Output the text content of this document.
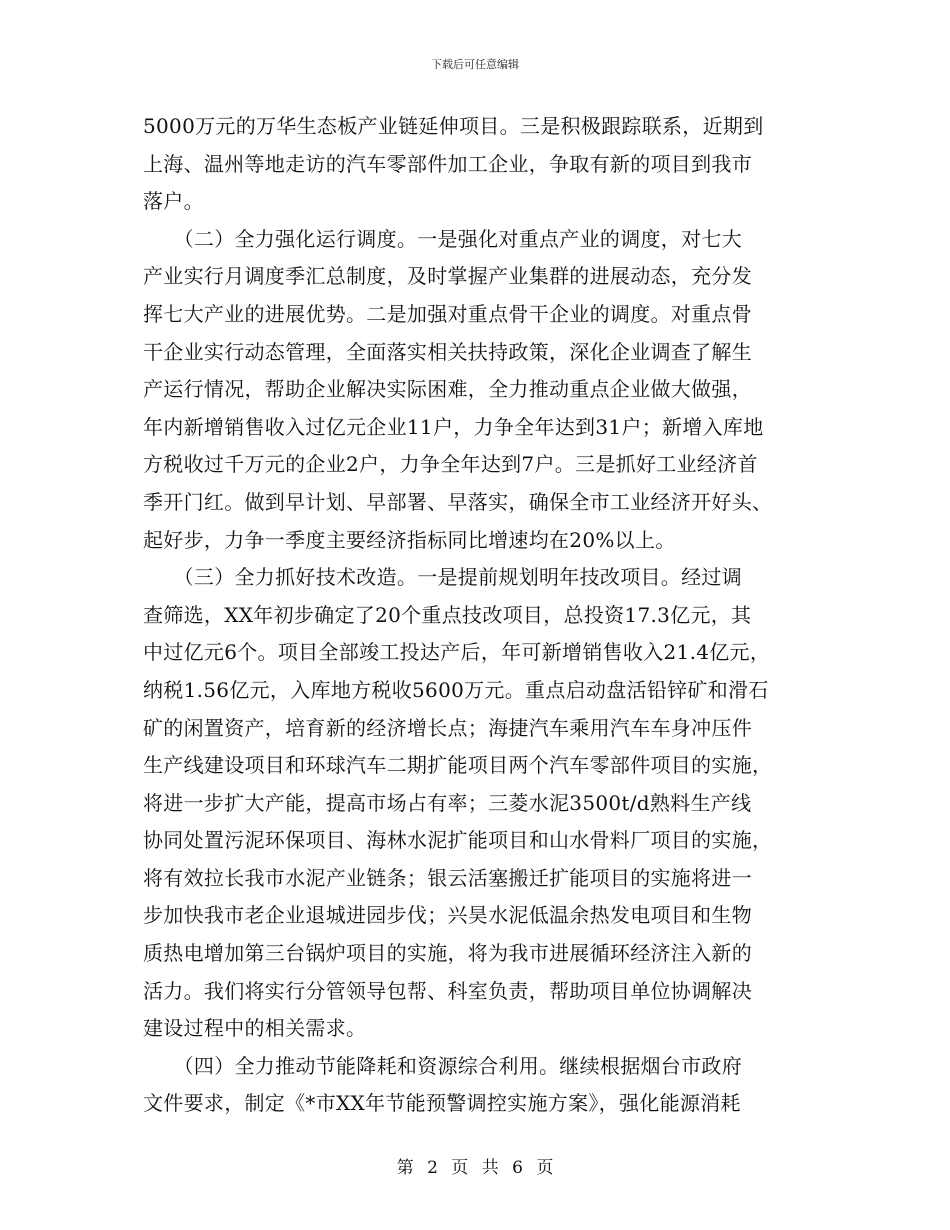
下载后可任意编辑
5000万元的万华生态板产业链延伸项目。三是积极跟踪联系，近期到
上海、温州等地走访的汽车零部件加工企业，争取有新的项目到我市
落户。
　　（二）全力强化运行调度。一是强化对重点产业的调度，对七大
产业实行月调度季汇总制度，及时掌握产业集群的进展动态，充分发
挥七大产业的进展优势。二是加强对重点骨干企业的调度。对重点骨
干企业实行动态管理，全面落实相关扶持政策，深化企业调查了解生
产运行情况，帮助企业解决实际困难，全力推动重点企业做大做强，
年内新增销售收入过亿元企业11户，力争全年达到31户；新增入库地
方税收过千万元的企业2户，力争全年达到7户。三是抓好工业经济首
季开门红。做到早计划、早部署、早落实，确保全市工业经济开好头、
起好步，力争一季度主要经济指标同比增速均在20%以上。
　　（三）全力抓好技术改造。一是提前规划明年技改项目。经过调
查筛选，XX年初步确定了20个重点技改项目，总投资17.3亿元，其
中过亿元6个。项目全部竣工投达产后，年可新增销售收入21.4亿元，
纳税1.56亿元，入库地方税收5600万元。重点启动盘活铅锌矿和滑石
矿的闲置资产，培育新的经济增长点；海捷汽车乘用汽车车身冲压件
生产线建设项目和环球汽车二期扩能项目两个汽车零部件项目的实施，
将进一步扩大产能，提高市场占有率；三菱水泥3500t/d熟料生产线
协同处置污泥环保项目、海林水泥扩能项目和山水骨料厂项目的实施，
将有效拉长我市水泥产业链条；银云活塞搬迁扩能项目的实施将进一
步加快我市老企业退城进园步伐；兴昊水泥低温余热发电项目和生物
质热电增加第三台锅炉项目的实施，将为我市进展循环经济注入新的
活力。我们将实行分管领导包帮、科室负责，帮助项目单位协调解决
建设过程中的相关需求。
　　（四）全力推动节能降耗和资源综合利用。继续根据烟台市政府
文件要求，制定《*市XX年节能预警调控实施方案》，强化能源消耗
第 2 页 共 6 页
